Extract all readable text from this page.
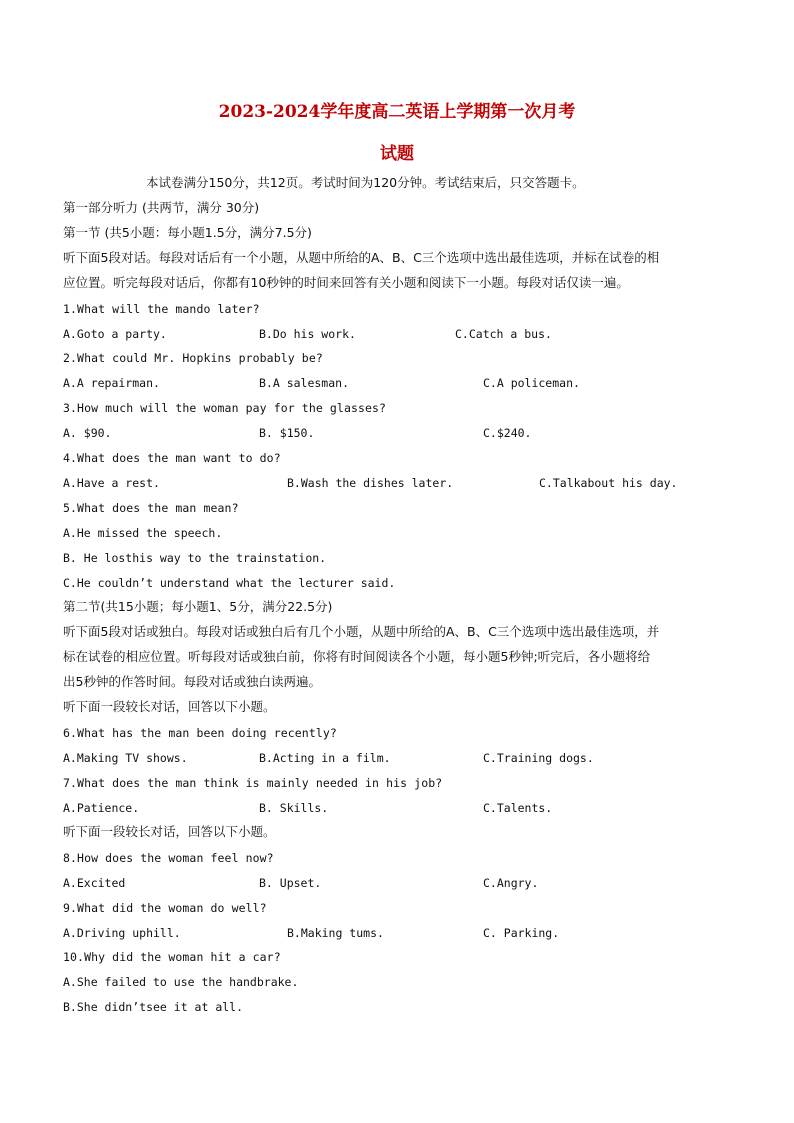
2023-2024学年度高二英语上学期第一次月考
试题
本试卷满分150分，共12页。考试时间为120分钟。考试结束后，只交答题卡。
第一部分听力 (共两节，满分 30分)
第一节 (共5小题：每小题1.5分，满分7.5分)
听下面5段对话。每段对话后有一个小题，从题中所给的A、B、C三个选项中选出最佳选项，并标在试卷的相
应位置。听完每段对话后，你都有10秒钟的时间来回答有关小题和阅读下一小题。每段对话仅读一遍。
1.What will the mando later?
A.Goto a party.	B.Do his work.	C.Catch a bus.
2.What could Mr. Hopkins probably be?
A.A repairman.	B.A salesman.	C.A policeman.
3.How much will the woman pay for the glasses?
A. $90.	B. $150.	C.$240.
4.What does the man want to do?
A.Have a rest.	B.Wash the dishes later.	C.Talkabout his day.
5.What does the man mean?
A.He missed the speech.
B. He losthis way to the trainstation.
C.He couldn’t understand what the lecturer said.
第二节(共15小题；每小题1、5分，满分22.5分)
听下面5段对话或独白。每段对话或独白后有几个小题，从题中所给的A、B、C三个选项中选出最佳选项，并
标在试卷的相应位置。听每段对话或独白前，你将有时间阅读各个小题，每小题5秒钟;听完后，各小题将给
出5秒钟的作答时间。每段对话或独白读两遍。
听下面一段较长对话，回答以下小题。
6.What has the man been doing recently?
A.Making TV shows.	B.Acting in a film.	C.Training dogs.
7.What does the man think is mainly needed in his job?
A.Patience.	B. Skills.	C.Talents.
听下面一段较长对话，回答以下小题。
8.How does the woman feel now?
A.Excited	B. Upset.	C.Angry.
9.What did the woman do well?
A.Driving uphill.	B.Making tums.	C. Parking.
10.Why did the woman hit a car?
A.She failed to use the handbrake.
B.She didn’tsee it at all.
